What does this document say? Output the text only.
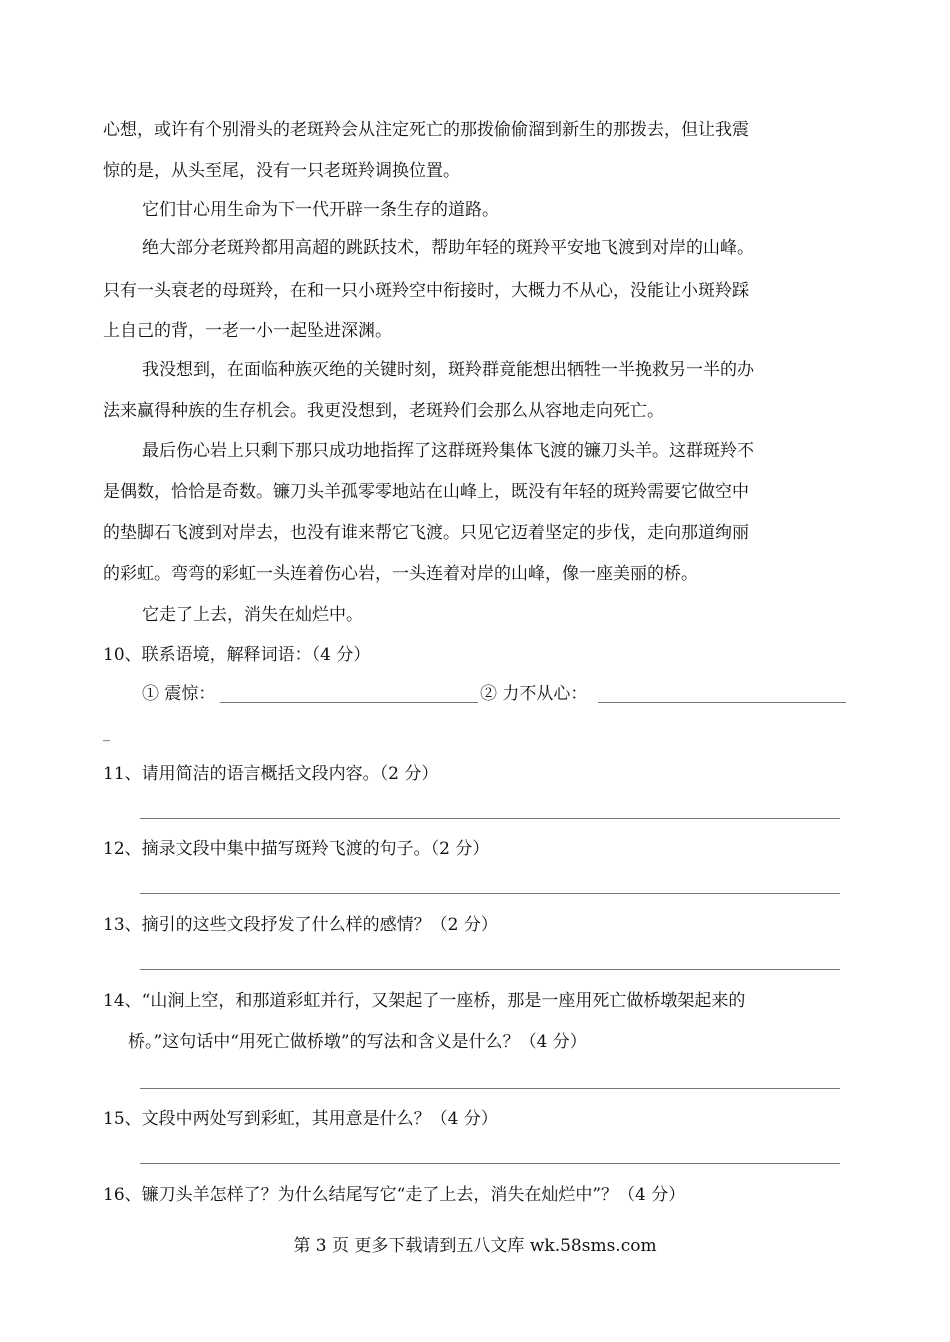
心想，或许有个别滑头的老斑羚会从注定死亡的那拨偷偷溜到新生的那拨去，但让我震
惊的是，从头至尾，没有一只老斑羚调换位置。
它们甘心用生命为下一代开辟一条生存的道路。
绝大部分老斑羚都用高超的跳跃技术，帮助年轻的斑羚平安地飞渡到对岸的山峰。
只有一头衰老的母斑羚，在和一只小斑羚空中衔接时，大概力不从心，没能让小斑羚踩
上自己的背，一老一小一起坠进深渊。
我没想到，在面临种族灭绝的关键时刻，斑羚群竟能想出牺牲一半挽救另一半的办
法来赢得种族的生存机会。我更没想到，老斑羚们会那么从容地走向死亡。
最后伤心岩上只剩下那只成功地指挥了这群斑羚集体飞渡的镰刀头羊。这群斑羚不
是偶数，恰恰是奇数。镰刀头羊孤零零地站在山峰上，既没有年轻的斑羚需要它做空中
的垫脚石飞渡到对岸去，也没有谁来帮它飞渡。只见它迈着坚定的步伐，走向那道绚丽
的彩虹。弯弯的彩虹一头连着伤心岩，一头连着对岸的山峰，像一座美丽的桥。
它走了上去，消失在灿烂中。
10、联系语境，解释词语：（4 分）
① 震惊：	② 力不从心：
_
11、请用简洁的语言概括文段内容。（2 分）
12、摘录文段中集中描写斑羚飞渡的句子。（2 分）
13、摘引的这些文段抒发了什么样的感情？（2 分）
14、“山涧上空，和那道彩虹并行，又架起了一座桥，那是一座用死亡做桥墩架起来的
桥。”这句话中“用死亡做桥墩”的写法和含义是什么？（4 分）
15、文段中两处写到彩虹，其用意是什么？（4 分）
16、镰刀头羊怎样了？为什么结尾写它“走了上去，消失在灿烂中”？（4 分）
第 3 页 更多下载请到五八文库 wk.58sms.com
